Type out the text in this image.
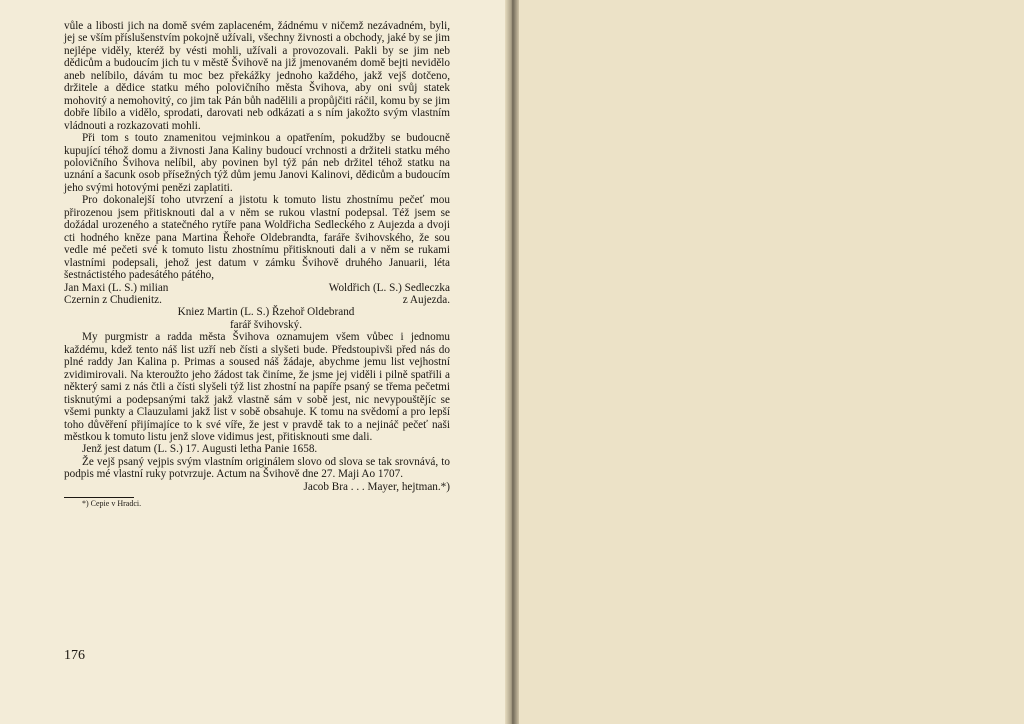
vůle a libosti jich na domě svém zaplaceném, žádnému v ničemž nezávadném, byli, jej se vším příslušenstvím pokojně užívali, všechny živnosti a obchody, jaké by se jim nejlépe viděly, kteréž by vésti mohli, užívali a provozovali. Pakli by se jim neb dědicům a budoucím jich tu v městě Švihově na již jmenovaném domě bejti nevidělo aneb nelíbilo, dávám tu moc bez překážky jednoho každého, jakž vejš dotčeno, držitele a dědice statku mého polovičního města Švihova, aby oni svůj statek mohovitý a nemohovitý, co jim tak Pán bůh nadělili a propůjčiti ráčil, komu by se jim dobře líbilo a vidělo, sprodati, darovati neb odkázati a s ním jakožto svým vlastním vládnouti a rozkazovati mohli.

Při tom s touto znamenitou vejminkou a opatřením, pokudžby se budoucně kupující téhož domu a živnosti Jana Kaliny budoucí vrchnosti a držiteli statku mého polovičního Švihova nelíbil, aby povinen byl týž pán neb držitel téhož statku na uznání a šacunk osob přísežných týž dům jemu Janovi Kalinovi, dědicům a budoucím jeho svými hotovými penězi zaplatiti.

Pro dokonalejší toho utvrzení a jistotu k tomuto listu zhostnímu pečeť mou přirozenou jsem přitisknouti dal a v něm se rukou vlastní podepsal. Též jsem se dožádal urozeného a statečného rytíře pana Woldřicha Sedleckého z Aujezda a dvoji cti hodného kněze pana Martina Řehoře Oldebrandta, faráře švihovského, že sou vedle mé pečeti své k tomuto listu zhostnímu přitisknouti dali a v něm se rukami vlastními podepsali, jehož jest datum v zámku Švihově druhého Januarii, léta šestnáctistého padesátého pátého,

Jan Maxi (L. S.) milian	Woldřich (L. S.) Sedleczka
Czernin z Chudienitz.	z Aujezda.

Kniez Martin (L. S.) Řzehoř Oldebrand

farář švihovský.

My purgmistr a radda města Švihova oznamujem všem vůbec i jednomu každému, kdež tento náš list uzří neb čísti a slyšeti bude. Předstoupivši před nás do plné raddy Jan Kalina p. Primas a soused náš žádaje, abychme jemu list vejhostní zvidimirovali. Na kteroužto jeho žádost tak činíme, že jsme jej viděli i pilně spatřili a některý sami z nás čtli a čísti slyšeli týž list zhostní na papíře psaný se třema pečetmi tisknutými a podepsanými takž jakž vlastně sám v sobě jest, nic nevypouštějíc se všemi punkty a Clauzulami jakž list v sobě obsahuje. K tomu na svědomí a pro lepší toho důvěření přijímajíce to k své víře, že jest v pravdě tak to a nejináč pečeť naši městkou k tomuto listu jenž slove vidimus jest, přitisknouti sme dali.

Jenž jest datum (L. S.) 17. Augusti letha Panie 1658.

Že vejš psaný vejpis svým vlastním originálem slovo od slova se tak srovnává, to podpis mé vlastní ruky potvrzuje. Actum na Švihově dne 27. Maji Ao 1707.

Jacob Bra . . . Mayer, hejtman.*)

*) Cepie v Hradci.

176
